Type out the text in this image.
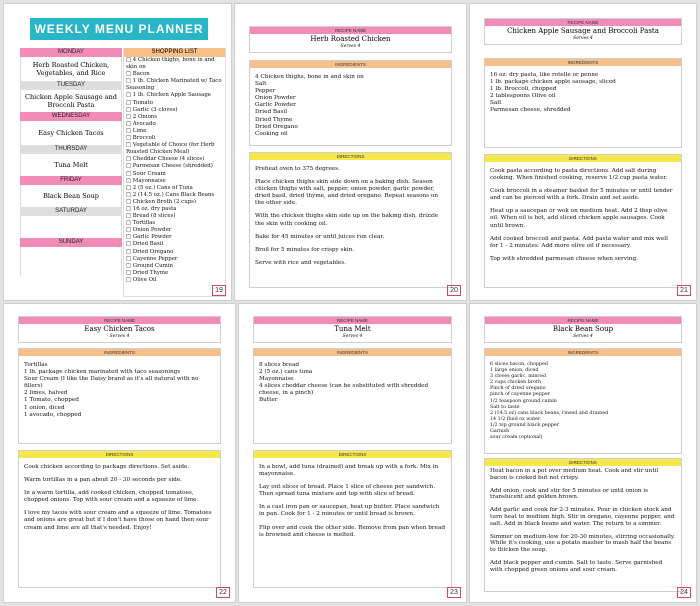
WEEKLY MENU PLANNER
MONDAY
Herb Roasted Chicken, Vegetables, and Rice
TUESDAY
Chicken Apple Sausage and Broccoli Pasta
WEDNESDAY
Easy Chicken Tacos
THURSDAY
Tuna Melt
FRIDAY
Black Bean Soup
SATURDAY
SUNDAY
SHOPPING LIST
□ 4 Chicken thighs, bone in and skin on
□ Bacon
□ 1 lb. Chicken Marinated w/ Taco Seasoning
□ 1 lb. Chicken Apple Sausage
□ Tomato
□ Garlic (3 cloves)
□ 2 Onions
□ Avocado
□ Lime
□ Broccoli
□ Vegetable of Choice (for Herb Roasted Chicken Meal)
□ Cheddar Cheese (4 slices)
□ Parmesan Cheese (shredded)
□ Sour Cream
□ Mayonnaise
□ 2 (5 oz.) Cans of Tuna
□ 2 (14.5 oz.) Cans Black Beans
□ Chicken Broth (2 cups)
□ 16 oz. dry pasta
□ Bread (8 slices)
□ Tortillas
□ Onion Powder
□ Garlic Powder
□ Dried Basil
□ Dried Oregano
□ Cayenne Pepper
□ Ground Cumin
□ Dried Thyme
□ Olive Oil
19
RECIPE NAME
Herb Roasted Chicken
Serves 4
INGREDIENTS
4 Chicken thighs, bone in and skin on
Salt
Pepper
Onion Powder
Garlic Powder
Dried Basil
Dried Thyme
Dried Oregano
Cooking oil
DIRECTIONS

Preheat oven to 375 degrees.

Place chicken thighs skin side down on a baking dish. Season chicken thighs with salt, pepper, onion powder, garlic powder, dried basil, dried thyme, and dried oregano. Repeat seasons on the other side.

With the chicken thighs skin side up on the baking dish, drizzle the skin with cooking oil.

Bake for 45 minutes or until juices run clear.

Broil for 5 minutes for crispy skin.

Serve with rice and vegetables.

20
RECIPE NAME
Chicken Apple Sausage and Broccoli Pasta
Serves 4
INGREDIENTS
16 oz. dry pasta, like rotelle or penne
1 lb. package chicken apple sausage, sliced
1 lb. Broccoli, chopped
2 tablespoons Olive oil
Salt
Parmesan cheese, shredded
DIRECTIONS

Cook pasta according to pasta directions. Add salt during cooking. When finished cooking, reserve 1/2 cup pasta water.

Cook broccoli in a steamer basket for 5 minutes or until tender and can be pierced with a fork. Drain and set aside.

Heat up a saucepan or wok on medium heat. Add 2 tbsp olive oil. When oil is hot, add sliced chicken apple sausages. Cook until brown.

Add cooked broccoli and pasta. Add pasta water and mix well for 1 - 2 minutes. Add more olive oil if necessary.

Top with shredded parmesan cheese when serving.

21
RECIPE NAME
Easy Chicken Tacos
Serves 4
INGREDIENTS
Tortillas
1 lb. package chicken marinated with taco seasonings
Sour Cream (I like the Daisy brand as it's all natural with no fillers)
2 limes, halved
1 Tomato, chopped
1 onion, diced
1 avocado, chopped
DIRECTIONS

Cook chicken according to package directions. Set aside.

Warm tortillas in a pan about 20 - 30 seconds per side.

In a warm tortilla, add cooked chicken, chopped tomatoes, chopped onions. Top with sour cream and a squeeze of lime.

I love my tacos with sour cream and a squeeze of lime. Tomatoes and onions are great but if I don't have those on hand then sour cream and lime are all that's needed. Enjoy!

22
RECIPE NAME
Tuna Melt
Serves 4
INGREDIENTS
8 slices bread
2 (5 oz.) cans tuna
Mayonnaise
4 slices cheddar cheese (can be substituted with shredded cheese, in a pinch)
Butter
DIRECTIONS

In a bowl, add tuna (drained) and break up with a fork. Mix in mayonnaise.

Lay out slices of bread. Place 1 slice of cheese per sandwich. Then spread tuna mixture and top with slice of bread.

In a cast iron pan or saucepan, heat up butter. Place sandwich in pan. Cook for 1 - 2 minutes or until bread is brown.

Flip over and cook the other side. Remove from pan when bread is browned and cheese is melted.

23
RECIPE NAME
Black Bean Soup
Serves 4
INGREDIENTS
6 slices bacon, chopped
1 large onion, diced
3 cloves garlic, minced
2 cups chicken broth
Pinch of dried oregano
pinch of cayenne pepper
1/2 teaspoon ground cumin
Salt to taste
2 (14.5 oz) cans black beans, rinsed and drained
14 1/2 fluid oz water
1/2 tsp ground black pepper
Garnish
sour cream (optional)
DIRECTIONS

Heat bacon in a pot over medium heat. Cook and stir until bacon is cooked but not crispy.

Add onion, cook and stir for 5 minutes or until onion is translucent and golden brown.

Add garlic and cook for 2-3 minutes. Pour in chicken stock and turn heat to medium high. Stir in oregano, cayenne pepper, and salt. Add in black beans and water. The return to a simmer.

Simmer on medium-low for 20-30 minutes, stirring occasionally. While it's cooking, use a potato masher to mash half the beans to thicken the soup.

Add black pepper and cumin. Salt to taste. Serve garnished with chopped green onions and sour cream.

24
